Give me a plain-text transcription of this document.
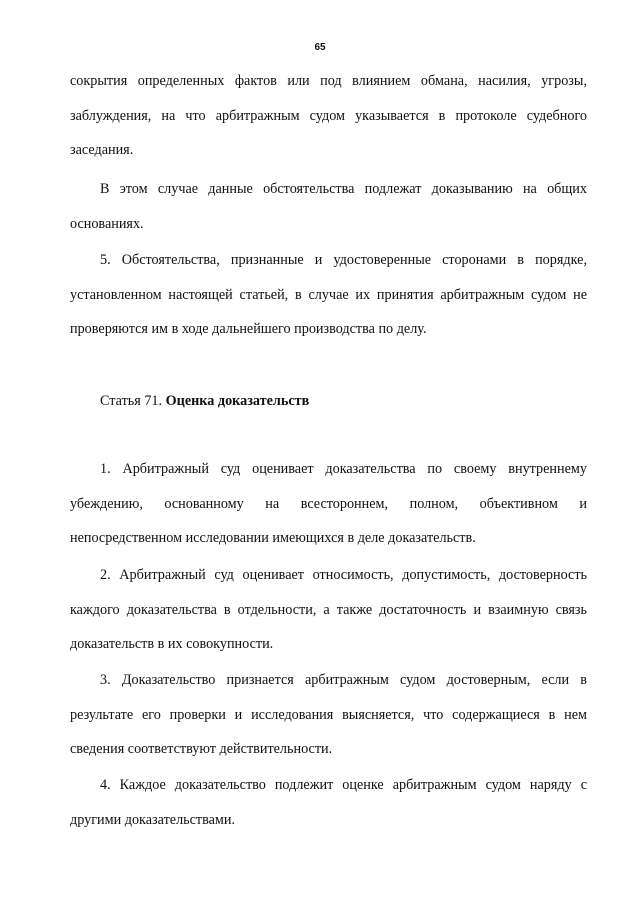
65

сокрытия определенных фактов или под влиянием обмана, насилия, угрозы, заблуждения, на что арбитражным судом указывается в протоколе судебного заседания.

В этом случае данные обстоятельства подлежат доказыванию на общих основаниях.

5. Обстоятельства, признанные и удостоверенные сторонами в порядке, установленном настоящей статьей, в случае их принятия арбитражным судом не проверяются им в ходе дальнейшего производства по делу.

Статья 71. Оценка доказательств

1. Арбитражный суд оценивает доказательства по своему внутреннему убеждению, основанному на всестороннем, полном, объективном и непосредственном исследовании имеющихся в деле доказательств.

2. Арбитражный суд оценивает относимость, допустимость, достоверность каждого доказательства в отдельности, а также достаточность и взаимную связь доказательств в их совокупности.

3. Доказательство признается арбитражным судом достоверным, если в результате его проверки и исследования выясняется, что содержащиеся в нем сведения соответствуют действительности.

4. Каждое доказательство подлежит оценке арбитражным судом наряду с другими доказательствами.
